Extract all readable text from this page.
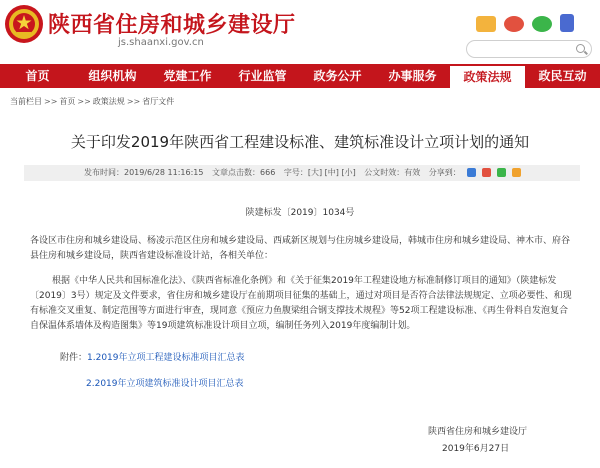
陕西省住房和城乡建设厅
js.shaanxi.gov.cn
首页	组织机构	党建工作	行业监管	政务公开	办事服务	政策法规	政民互动
当前栏目 >> 首页 >> 政策法规 >> 省厅文件
关于印发2019年陕西省工程建设标准、建筑标准设计立项计划的通知
发布时间：2019/6/28 11:16:15 文章点击数：666 字号：[大] [中] [小] 公文时效：有效 分享到：
陕建标发〔2019〕1034号
各设区市住房和城乡建设局、杨凌示范区住房和城乡建设局、西咸新区规划与住房城乡建设局，韩城市住房和城乡建设局、神木市、府谷县住房和城乡建设局，陕西省建设标准设计站，各相关单位：
根据《中华人民共和国标准化法》、《陕西省标准化条例》和《关于征集2019年工程建设地方标准制修订项目的通知》（陕建标发〔2019〕3号）规定及文件要求，省住房和城乡建设厅在前期项目征集的基础上，通过对项目是否符合法律法规规定、立项必要性、和现有标准交叉重复、制定范围等方面进行审查，现同意《预应力鱼腹梁组合钢支撑技术规程》等52项工程建设标准、《再生骨料自发泡复合自保温体系墙体及构造图集》等19项建筑标准设计项目立项，编制任务列入2019年度编制计划。
附件：1.2019年立项工程建设标准项目汇总表
2.2019年立项建筑标准设计项目汇总表
陕西省住房和城乡建设厅
2019年6月27日
